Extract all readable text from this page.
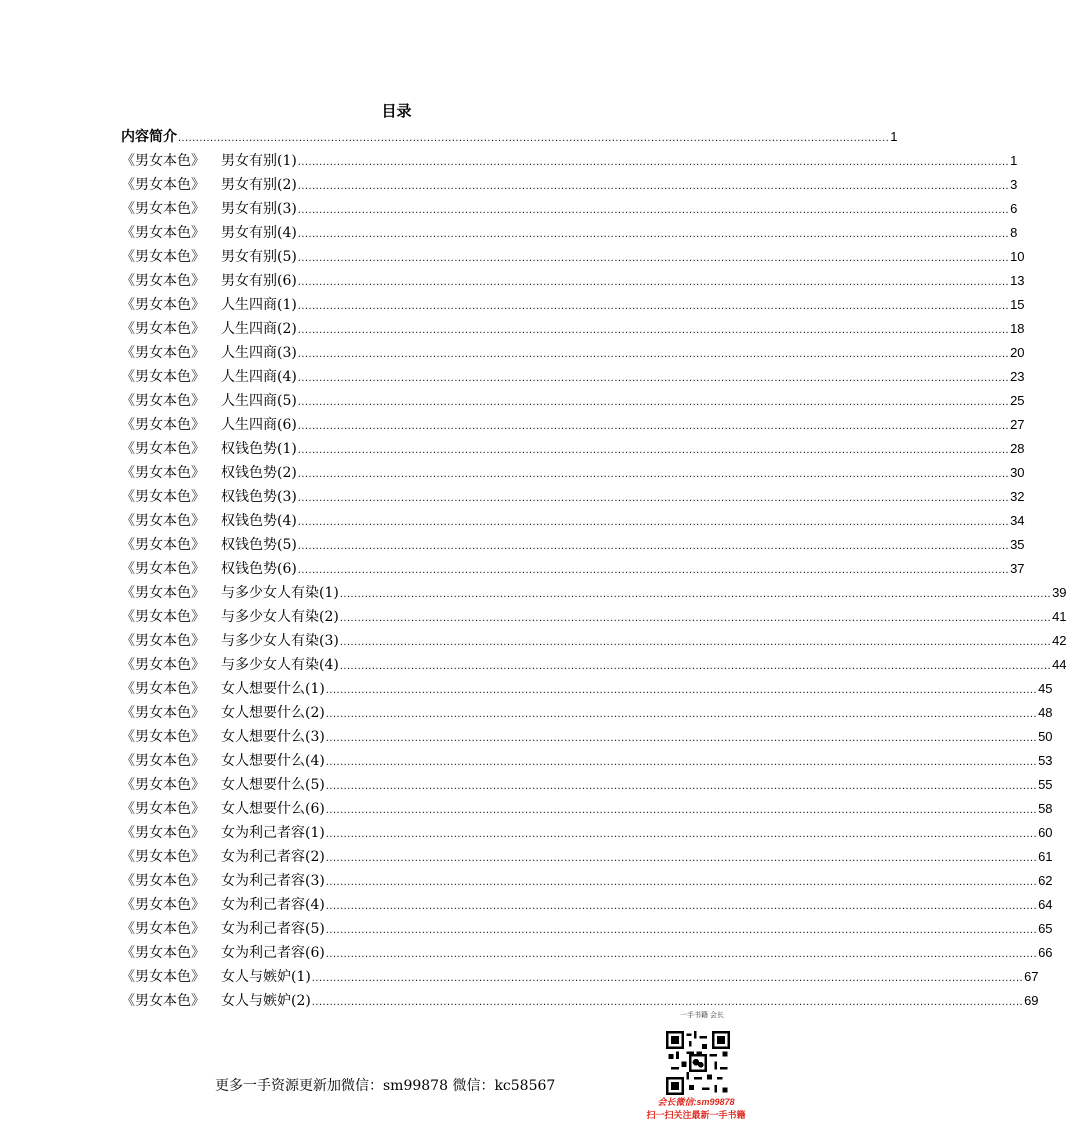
目录
内容简介 ........................................................................................................................................................................................................ 1
《男女本色》 男女有别(1) ........................................................................................................................................................................................................ 1
《男女本色》 男女有别(2) ........................................................................................................................................................................................................ 3
《男女本色》 男女有别(3) ........................................................................................................................................................................................................ 6
《男女本色》 男女有别(4) ........................................................................................................................................................................................................ 8
《男女本色》 男女有别(5) ........................................................................................................................................................................................................ 10
《男女本色》 男女有别(6) ........................................................................................................................................................................................................ 13
《男女本色》 人生四商(1) ........................................................................................................................................................................................................ 15
《男女本色》 人生四商(2) ........................................................................................................................................................................................................ 18
《男女本色》 人生四商(3) ........................................................................................................................................................................................................ 20
《男女本色》 人生四商(4) ........................................................................................................................................................................................................ 23
《男女本色》 人生四商(5) ........................................................................................................................................................................................................ 25
《男女本色》 人生四商(6) ........................................................................................................................................................................................................ 27
《男女本色》 权钱色势(1) ........................................................................................................................................................................................................ 28
《男女本色》 权钱色势(2) ........................................................................................................................................................................................................ 30
《男女本色》 权钱色势(3) ........................................................................................................................................................................................................ 32
《男女本色》 权钱色势(4) ........................................................................................................................................................................................................ 34
《男女本色》 权钱色势(5) ........................................................................................................................................................................................................ 35
《男女本色》 权钱色势(6) ........................................................................................................................................................................................................ 37
《男女本色》 与多少女人有染(1) ........................................................................................................................................................................................................ 39
《男女本色》 与多少女人有染(2) ........................................................................................................................................................................................................ 41
《男女本色》 与多少女人有染(3) ........................................................................................................................................................................................................ 42
《男女本色》 与多少女人有染(4) ........................................................................................................................................................................................................ 44
《男女本色》 女人想要什么(1) ........................................................................................................................................................................................................ 45
《男女本色》 女人想要什么(2) ........................................................................................................................................................................................................ 48
《男女本色》 女人想要什么(3) ........................................................................................................................................................................................................ 50
《男女本色》 女人想要什么(4) ........................................................................................................................................................................................................ 53
《男女本色》 女人想要什么(5) ........................................................................................................................................................................................................ 55
《男女本色》 女人想要什么(6) ........................................................................................................................................................................................................ 58
《男女本色》 女为利己者容(1) ........................................................................................................................................................................................................ 60
《男女本色》 女为利己者容(2) ........................................................................................................................................................................................................ 61
《男女本色》 女为利己者容(3) ........................................................................................................................................................................................................ 62
《男女本色》 女为利己者容(4) ........................................................................................................................................................................................................ 64
《男女本色》 女为利己者容(5) ........................................................................................................................................................................................................ 65
《男女本色》 女为利己者容(6) ........................................................................................................................................................................................................ 66
《男女本色》 女人与嫉妒(1) ........................................................................................................................................................................................................ 67
《男女本色》 女人与嫉妒(2) ........................................................................................................................................................................................................ 69
更多一手资源更新加微信：sm99878 微信：kc58567
一手书籍 会长
会长微信:sm99878
扫一扫关注最新一手书籍
